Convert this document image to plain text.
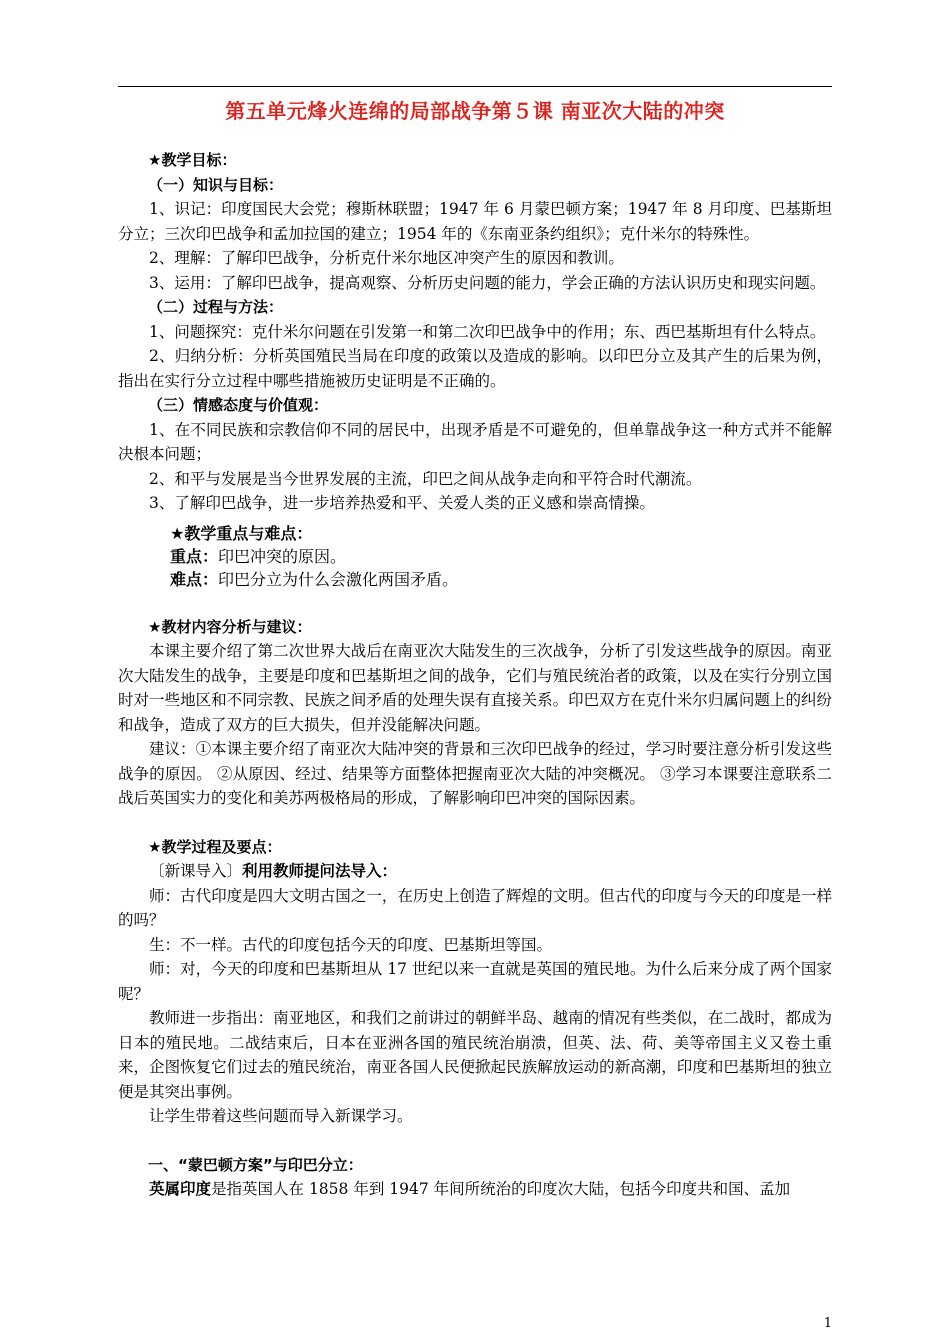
第五单元烽火连绵的局部战争第５课 南亚次大陆的冲突

★教学目标：

（一）知识与目标：

1、识记：印度国民大会党；穆斯林联盟；1947 年 6 月蒙巴顿方案；1947 年 8 月印度、巴基斯坦分立；三次印巴战争和孟加拉国的建立；1954 年的《东南亚条约组织》；克什米尔的特殊性。

2、理解：了解印巴战争，分析克什米尔地区冲突产生的原因和教训。

3、运用：了解印巴战争，提高观察、分析历史问题的能力，学会正确的方法认识历史和现实问题。

（二）过程与方法：

1、问题探究：克什米尔问题在引发第一和第二次印巴战争中的作用；东、西巴基斯坦有什么特点。

2、归纳分析：分析英国殖民当局在印度的政策以及造成的影响。以印巴分立及其产生的后果为例，指出在实行分立过程中哪些措施被历史证明是不正确的。

（三）情感态度与价值观：

1、在不同民族和宗教信仰不同的居民中，出现矛盾是不可避免的，但单靠战争这一种方式并不能解决根本问题；

2、和平与发展是当今世界发展的主流，印巴之间从战争走向和平符合时代潮流。

3、了解印巴战争，进一步培养热爱和平、关爱人类的正义感和崇高情操。

★教学重点与难点：
重点：印巴冲突的原因。
难点：印巴分立为什么会激化两国矛盾。

★教材内容分析与建议：

本课主要介绍了第二次世界大战后在南亚次大陆发生的三次战争，分析了引发这些战争的原因。南亚次大陆发生的战争，主要是印度和巴基斯坦之间的战争，它们与殖民统治者的政策，以及在实行分别立国时对一些地区和不同宗教、民族之间矛盾的处理失误有直接关系。印巴双方在克什米尔归属问题上的纠纷和战争，造成了双方的巨大损失，但并没能解决问题。

建议：①本课主要介绍了南亚次大陆冲突的背景和三次印巴战争的经过，学习时要注意分析引发这些战争的原因。 ②从原因、经过、结果等方面整体把握南亚次大陆的冲突概况。 ③学习本课要注意联系二战后英国实力的变化和美苏两极格局的形成，了解影响印巴冲突的国际因素。

★教学过程及要点：

〔新课导入〕利用教师提问法导入：

师：古代印度是四大文明古国之一，在历史上创造了辉煌的文明。但古代的印度与今天的印度是一样的吗？

生：不一样。古代的印度包括今天的印度、巴基斯坦等国。

师：对，今天的印度和巴基斯坦从 17 世纪以来一直就是英国的殖民地。为什么后来分成了两个国家呢？

教师进一步指出：南亚地区，和我们之前讲过的朝鲜半岛、越南的情况有些类似，在二战时，都成为日本的殖民地。二战结束后，日本在亚洲各国的殖民统治崩溃，但英、法、荷、美等帝国主义又卷土重来，企图恢复它们过去的殖民统治，南亚各国人民便掀起民族解放运动的新高潮，印度和巴基斯坦的独立便是其突出事例。

让学生带着这些问题而导入新课学习。

一、“蒙巴顿方案”与印巴分立：

英属印度是指英国人在 1858 年到 1947 年间所统治的印度次大陆，包括今印度共和国、孟加

1
